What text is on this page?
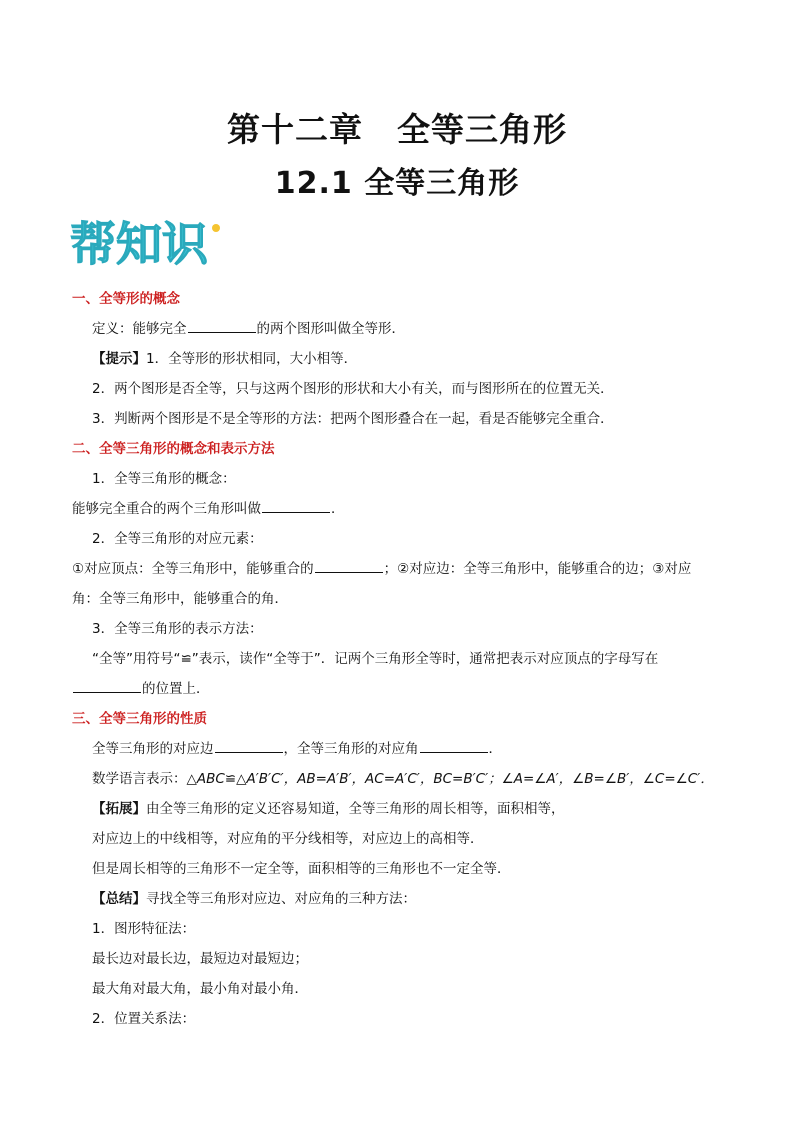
第十二章　全等三角形
12.1 全等三角形
帮知识
一、全等形的概念
定义：能够完全	的两个图形叫做全等形．
【提示】1．全等形的形状相同，大小相等．
2．两个图形是否全等，只与这两个图形的形状和大小有关，而与图形所在的位置无关．
3．判断两个图形是不是全等形的方法：把两个图形叠合在一起，看是否能够完全重合．
二、全等三角形的概念和表示方法
1．全等三角形的概念：
能够完全重合的两个三角形叫做	．
2．全等三角形的对应元素：
①对应顶点：全等三角形中，能够重合的	；②对应边：全等三角形中，能够重合的边；③对应
角：全等三角形中，能够重合的角．
3．全等三角形的表示方法：
“全等”用符号“≌”表示，读作“全等于”．记两个三角形全等时，通常把表示对应顶点的字母写在
的位置上．
三、全等三角形的性质
全等三角形的对应边	，全等三角形的对应角	．
数学语言表示：△ABC≌△A′B′C′，AB=A′B′，AC=A′C′，BC=B′C′；∠A=∠A′，∠B=∠B′，∠C=∠C′．
【拓展】由全等三角形的定义还容易知道，全等三角形的周长相等，面积相等，
对应边上的中线相等，对应角的平分线相等，对应边上的高相等．
但是周长相等的三角形不一定全等，面积相等的三角形也不一定全等．
【总结】寻找全等三角形对应边、对应角的三种方法：
1．图形特征法：
最长边对最长边，最短边对最短边；
最大角对最大角，最小角对最小角．
2．位置关系法：
